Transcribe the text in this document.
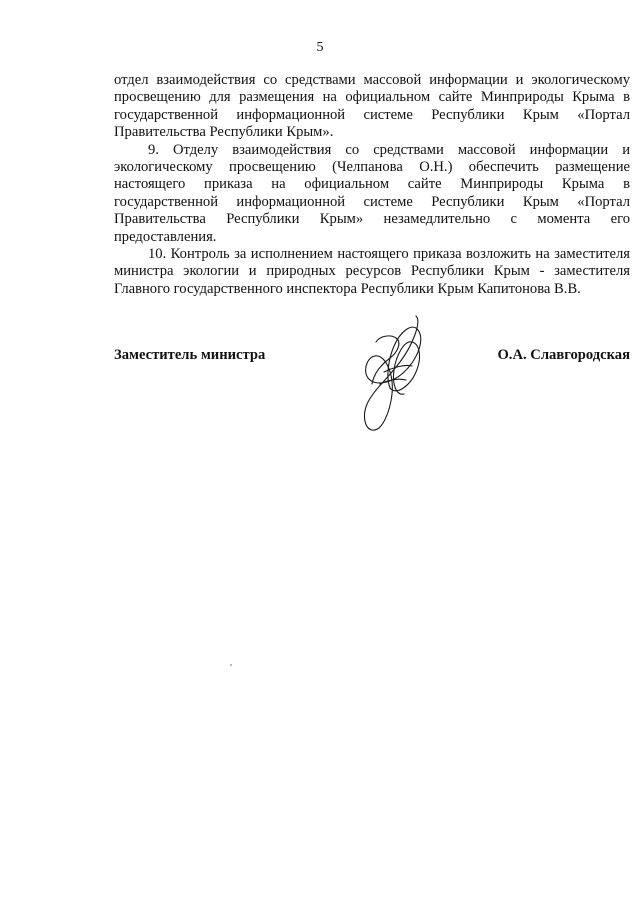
5

отдел взаимодействия со средствами массовой информации и экологическому просвещению для размещения на официальном сайте Минприроды Крыма в государственной информационной системе Республики Крым «Портал Правительства Республики Крым».

9. Отделу взаимодействия со средствами массовой информации и экологическому просвещению (Челпанова О.Н.) обеспечить размещение настоящего приказа на официальном сайте Минприроды Крыма в государственной информационной системе Республики Крым «Портал Правительства Республики Крым» незамедлительно с момента его предоставления.

10. Контроль за исполнением настоящего приказа возложить на заместителя министра экологии и природных ресурсов Республики Крым - заместителя Главного государственного инспектора Республики Крым Капитонова В.В.

Заместитель министра	О.А. Славгородская
